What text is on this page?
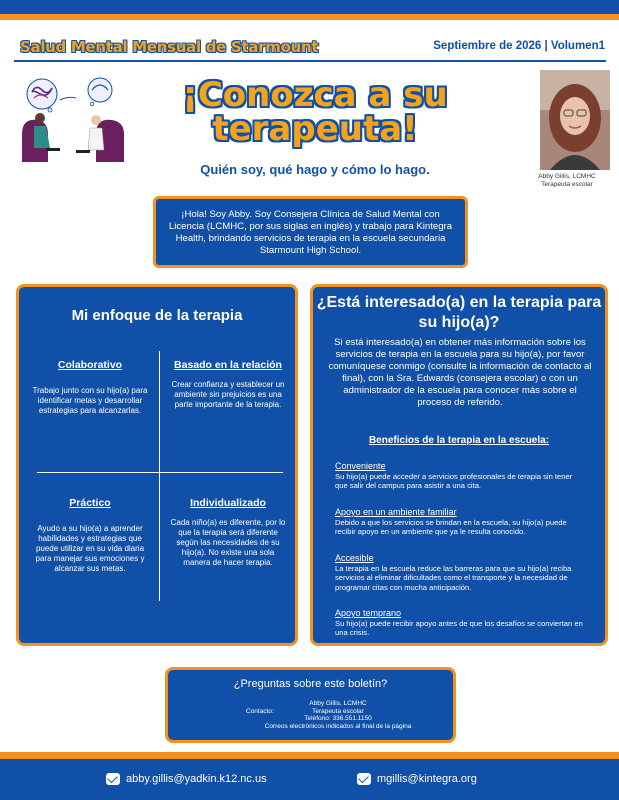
Salud Mental Mensual de Starmount	Septiembre de 2026 | Volumen1
¡Conozca a su
terapeuta!
Quién soy, qué hago y cómo lo hago.	Abby Gillis, LCMHC
Terapeuta escolar
¡Hola! Soy Abby. Soy Consejera Clínica de Salud Mental con Licencia (LCMHC, por sus siglas en inglés) y trabajo para Kintegra Health, brindando servicios de terapia en la escuela secundaria Starmount High School.
Mi enfoque de la terapia
Colaborativo

Trabajo junto con su hijo(a) para identificar metas y desarrollar estrategias para alcanzarlas.

Basado en la relación

Crear confianza y establecer un ambiente sin prejuicios es una parte importante de la terapia.

Práctico

Ayudo a su hijo(a) a aprender habilidades y estrategias que puede utilizar en su vida diaria para manejar sus emociones y alcanzar sus metas.

Individualizado

Cada niño(a) es diferente, por lo que la terapia será diferente según las necesidades de su hijo(a). No existe una sola manera de hacer terapia.

¿Está interesado(a) en la terapia para su hijo(a)?
Si está interesado(a) en obtener más información sobre los servicios de terapia en la escuela para su hijo(a), por favor comuníquese conmigo (consulte la información de contacto al final), con la Sra. Edwards (consejera escolar) o con un administrador de la escuela para conocer más sobre el proceso de referido.
Beneficios de la terapia en la escuela:
Conveniente
Su hijo(a) puede acceder a servicios profesionales de terapia sin tener que salir del campus para asistir a una cita.
Apoyo en un ambiente familiar
Debido a que los servicios se brindan en la escuela, su hijo(a) puede recibir apoyo en un ambiente que ya le resulta conocido.
Accesible
La terapia en la escuela reduce las barreras para que su hijo(a) reciba servicios al eliminar dificultades como el transporte y la necesidad de programar citas con mucha anticipación.
Apoyo temprano
Su hijo(a) puede recibir apoyo antes de que los desafíos se conviertan en una crisis.
¿Preguntas sobre este boletín?
Contacto:
Abby Gillis, LCMHC
Terapeuta escolar
Teléfono: 336.551.1150
Correos electrónicos indicados al final de la página
abby.gillis@yadkin.k12.nc.us	mgillis@kintegra.org
